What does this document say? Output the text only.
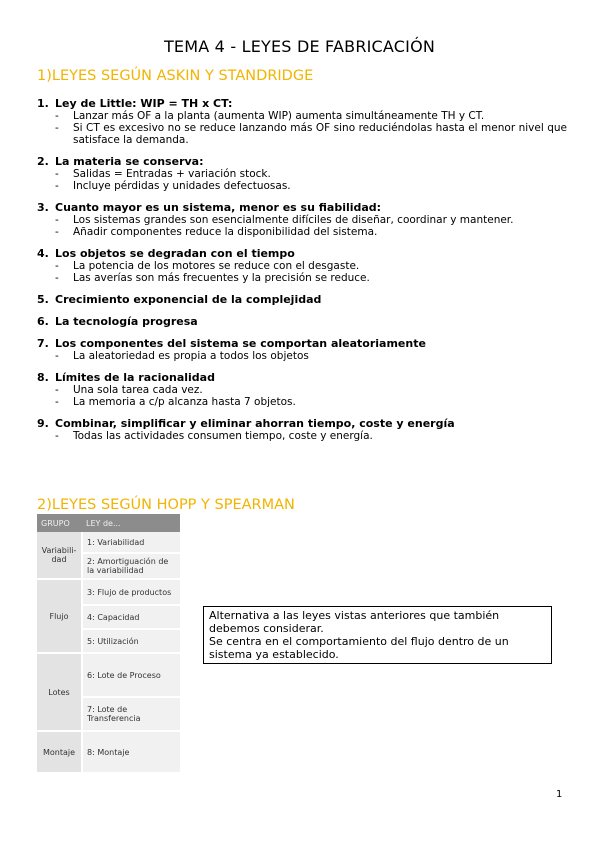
TEMA 4 - LEYES DE FABRICACIÓN
1)LEYES SEGÚN ASKIN Y STANDRIDGE
1. Ley de Little: WIP = TH x CT:
-	Lanzar más OF a la planta (aumenta WIP) aumenta simultáneamente TH y CT.
-	Si CT es excesivo no se reduce lanzando más OF sino reduciéndolas hasta el menor nivel que satisface la demanda.
2. La materia se conserva:
-	Salidas = Entradas + variación stock.
-	Incluye pérdidas y unidades defectuosas.
3. Cuanto mayor es un sistema, menor es su fiabilidad:
-	Los sistemas grandes son esencialmente difíciles de diseñar, coordinar y mantener.
-	Añadir componentes reduce la disponibilidad del sistema.
4. Los objetos se degradan con el tiempo
-	La potencia de los motores se reduce con el desgaste.
-	Las averías son más frecuentes y la precisión se reduce.
5. Crecimiento exponencial de la complejidad
6. La tecnología progresa
7. Los componentes del sistema se comportan aleatoriamente
-	La aleatoriedad es propia a todos los objetos
8. Límites de la racionalidad
-	Una sola tarea cada vez.
-	La memoria a c/p alcanza hasta 7 objetos.
9. Combinar, simplificar y eliminar ahorran tiempo, coste y energía
-	Todas las actividades consumen tiempo, coste y energía.
2)LEYES SEGÚN HOPP Y SPEARMAN
GRUPO	LEY de...
Variabili-dad	1: Variabilidad
	2: Amortiguación de la variabilidad
Flujo	3: Flujo de productos
	4: Capacidad
	5: Utilización
Lotes	6: Lote de Proceso
	7: Lote de Transferencia
Montaje	8: Montaje
Alternativa a las leyes vistas anteriores que también debemos considerar.
Se centra en el comportamiento del flujo dentro de un sistema ya establecido.
1
